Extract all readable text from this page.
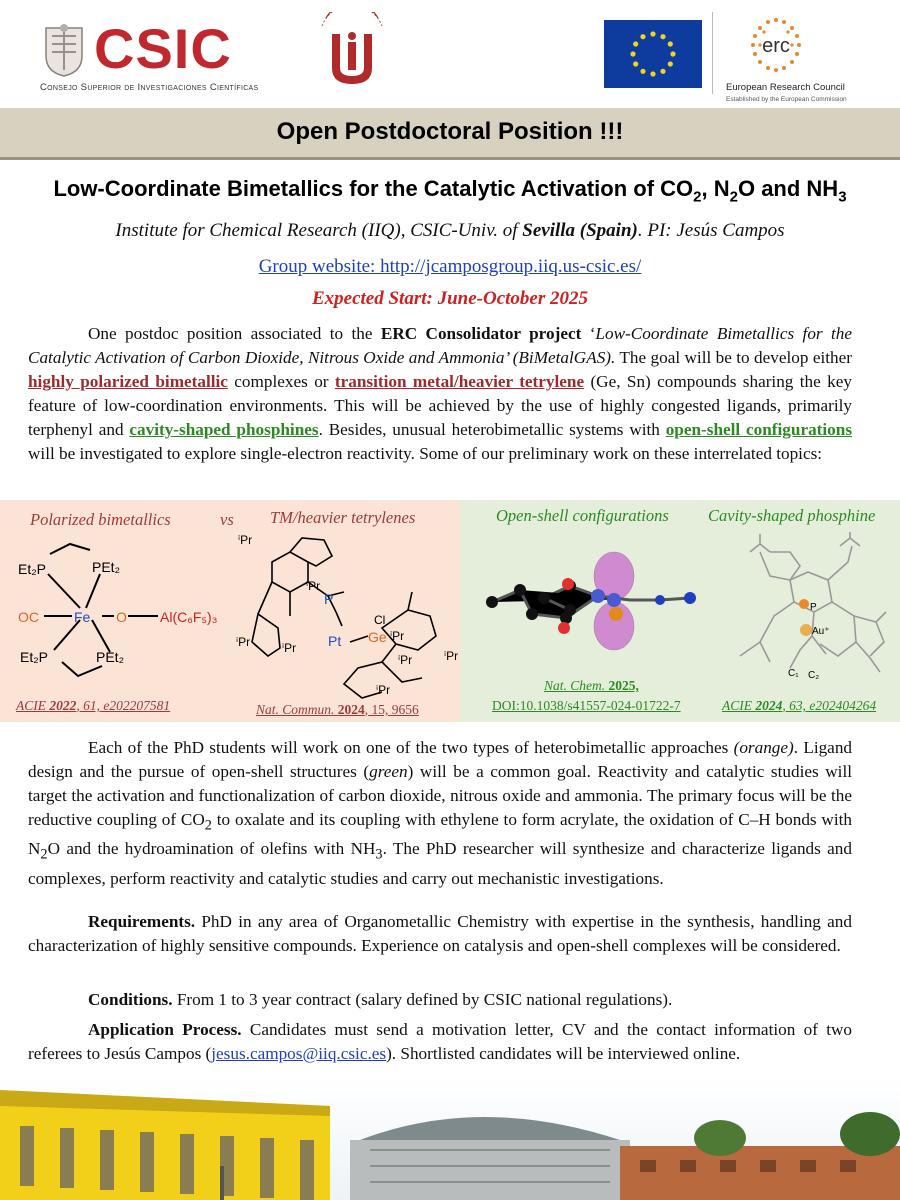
CSIC
Consejo Superior de Investigaciones Científicas
erc
European Research Council
Established by the European Commission
Open Postdoctoral Position !!!
Low-Coordinate Bimetallics for the Catalytic Activation of $CO_2$, $N_2O$ and $NH_3$
Institute for Chemical Research (IIQ), CSIC-Univ. of Sevilla (Spain). PI: Jesús Campos
Group website: http://jcamposgroup.iiq.us-csic.es/
Expected Start: June-October 2025
One postdoc position associated to the ERC Consolidator project ‘Low-Coordinate Bimetallics for the Catalytic Activation of Carbon Dioxide, Nitrous Oxide and Ammonia’ (BiMetalGAS). The goal will be to develop either highly polarized bimetallic complexes or transition metal/heavier tetrylene (Ge, Sn) compounds sharing the key feature of low-coordination environments. This will be achieved by the use of highly congested ligands, primarily terphenyl and cavity-shaped phosphines. Besides, unusual heterobimetallic systems with open-shell configurations will be investigated to explore single-electron reactivity. Some of our preliminary work on these interrelated topics:
Polarized bimetallics	vs TM/heavier tetrylenes
Et₂P	PEt₂
OC	Fe O Al(C₆F₅)₃
Et₂P	PEt₂
ⁱPr
ⁱPr
P
Pt Ge
Cl
ⁱPr	ⁱPr
ⁱPr
ⁱPr
ⁱPr
ⁱPr
ACIE 2022, 61, e202207581	Nat. Commun. 2024, 15, 9656
Open-shell configurations Cavity-shaped phosphine
P
Au⁺
C₁ C₂
Nat. Chem. 2025,
DOI:10.1038/s41557-024-01722-7	ACIE 2024, 63, e202404264
Each of the PhD students will work on one of the two types of heterobimetallic approaches (orange). Ligand design and the pursue of open-shell structures (green) will be a common goal. Reactivity and catalytic studies will target the activation and functionalization of carbon dioxide, nitrous oxide and ammonia. The primary focus will be the reductive coupling of $CO_2$ to oxalate and its coupling with ethylene to form acrylate, the oxidation of C–H bonds with $N_2O$ and the hydroamination of olefins with $NH_3$. The PhD researcher will synthesize and characterize ligands and complexes, perform reactivity and catalytic studies and carry out mechanistic investigations.
Requirements. PhD in any area of Organometallic Chemistry with expertise in the synthesis, handling and characterization of highly sensitive compounds. Experience on catalysis and open-shell complexes will be considered.
Conditions. From 1 to 3 year contract (salary defined by CSIC national regulations).
Application Process. Candidates must send a motivation letter, CV and the contact information of two referees to Jesús Campos (jesus.campos@iiq.csic.es). Shortlisted candidates will be interviewed online.
